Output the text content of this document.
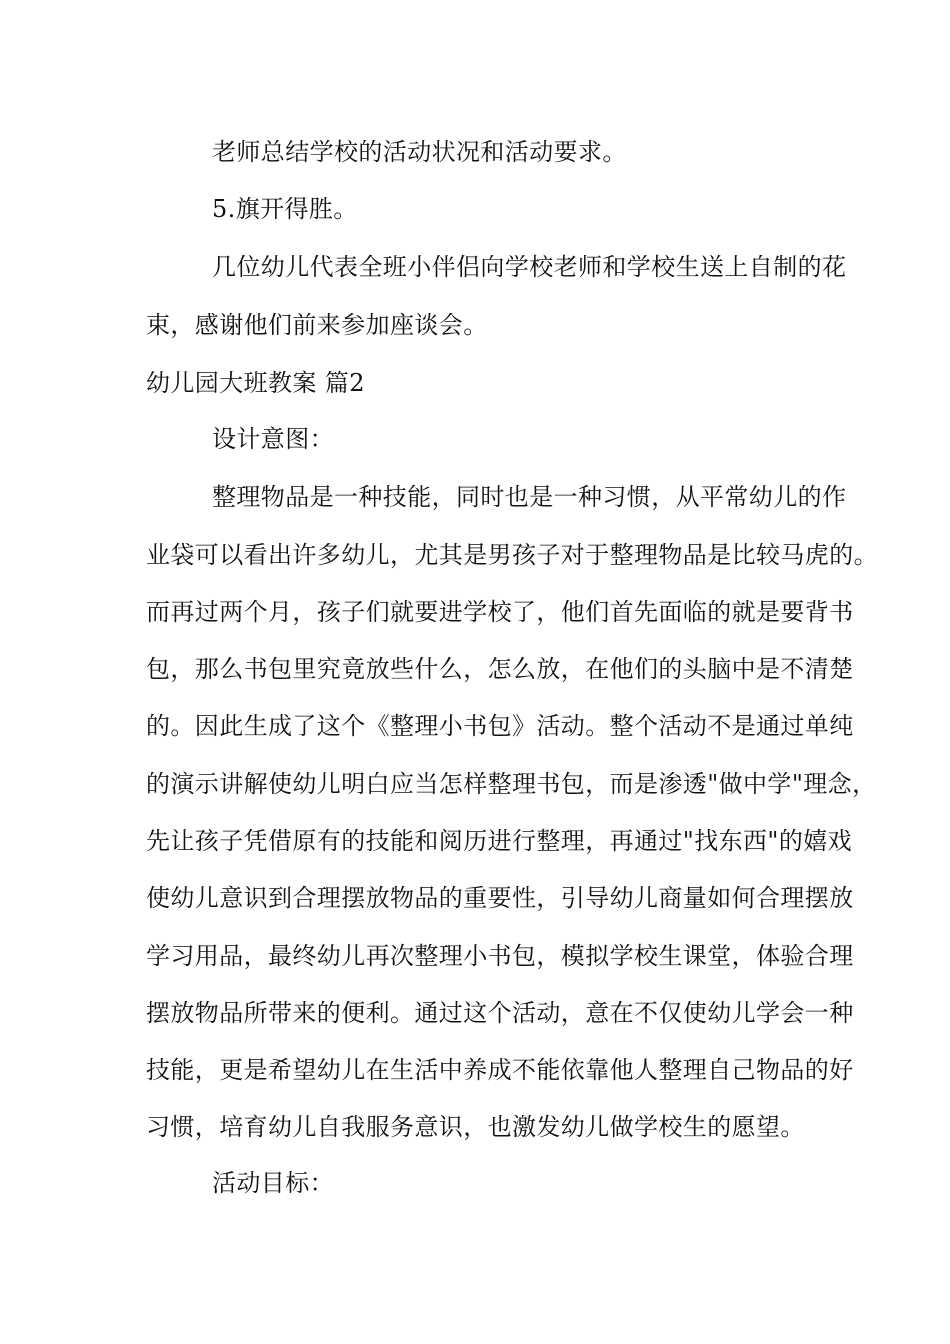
老师总结学校的活动状况和活动要求。
5.旗开得胜。
几位幼儿代表全班小伴侣向学校老师和学校生送上自制的花
束，感谢他们前来参加座谈会。
幼儿园大班教案 篇2
设计意图：
整理物品是一种技能，同时也是一种习惯，从平常幼儿的作
业袋可以看出许多幼儿，尤其是男孩子对于整理物品是比较马虎的。
而再过两个月，孩子们就要进学校了，他们首先面临的就是要背书
包，那么书包里究竟放些什么，怎么放，在他们的头脑中是不清楚
的。因此生成了这个《整理小书包》活动。整个活动不是通过单纯
的演示讲解使幼儿明白应当怎样整理书包，而是渗透"做中学"理念，
先让孩子凭借原有的技能和阅历进行整理，再通过"找东西"的嬉戏
使幼儿意识到合理摆放物品的重要性，引导幼儿商量如何合理摆放
学习用品，最终幼儿再次整理小书包，模拟学校生课堂，体验合理
摆放物品所带来的便利。通过这个活动，意在不仅使幼儿学会一种
技能，更是希望幼儿在生活中养成不能依靠他人整理自己物品的好
习惯，培育幼儿自我服务意识，也激发幼儿做学校生的愿望。
活动目标：
